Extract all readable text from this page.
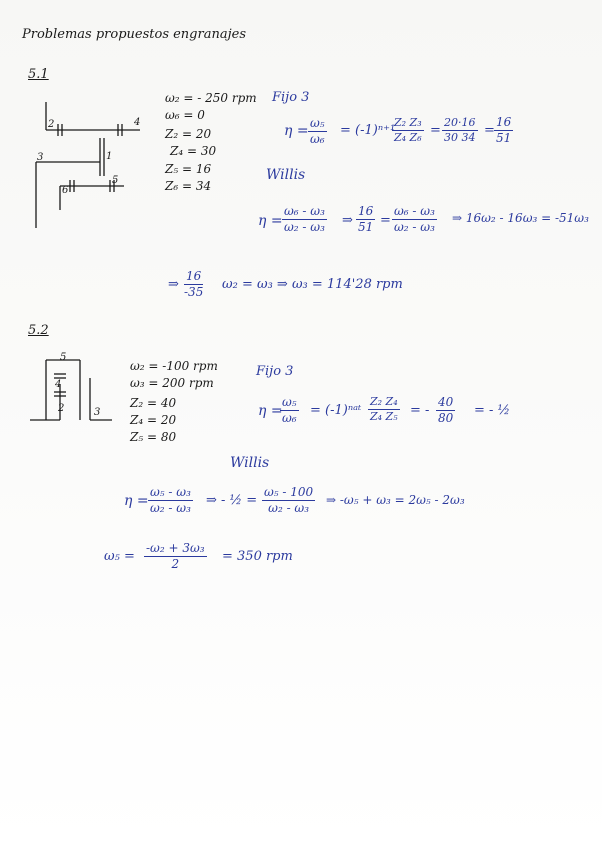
Problemas propuestos engranajes
5.1
2	4
3	1
5
6
ω₂ = - 250 rpm
ω₆ = 0
Z₂ = 20
Z₄ = 30
Z₅ = 16
Z₆ = 34
Fijo 3
$\eta = \frac{\text{ω₅}}{\text{ω₆}} = (-1)^{n+1}$
$\frac{\text{Z₂ Z₃}}{\text{Z₄ Z₆}} = \frac{20\cdot 16}{30 34} = \frac{16}{51}$
Willis
$\eta = \frac{\text{ω₆ - ω₃}}{\text{ω₂ - ω₃}}$ ⇒ $\frac{16}{51} = \frac{\text{ω₆ - ω₃}}{\text{ω₂ - ω₃}}$ ⇒ 16ω₂ - 16ω₃ = -51ω₃
⇒ $\frac{16}{-35} \omega_2 = \omega_3$ ⇒ ω₃ = 114'28 rpm
5.2
5
4
2	3
ω₂ = -100 rpm
ω₃ = 200 rpm
Z₂ = 40
Z₄ = 20
Z₅ = 80
Fijo 3
η =
$\frac{\text{ω₅}}{\text{ω₆}}$ = (-1)ⁿᵃᵗ $\frac{\text{Z₂ Z₄}}{\text{Z₄ Z₅}}$ = - $\frac{40}{80}$ = - ½
Willis
$\eta = \frac{\text{ω₅ - ω₃}}{\text{ω₂ - ω₃}}$ ⇒ - ½ = $\frac{\text{ω₅ - 100}}{\text{ω₂ - ω₃}}$ ⇒ -ω₅ + ω₃ = 2ω₅ - 2ω₃
$\omega_5 = \frac{\text{-ω₂ + 3ω₃}}{2} = 350$ rpm
